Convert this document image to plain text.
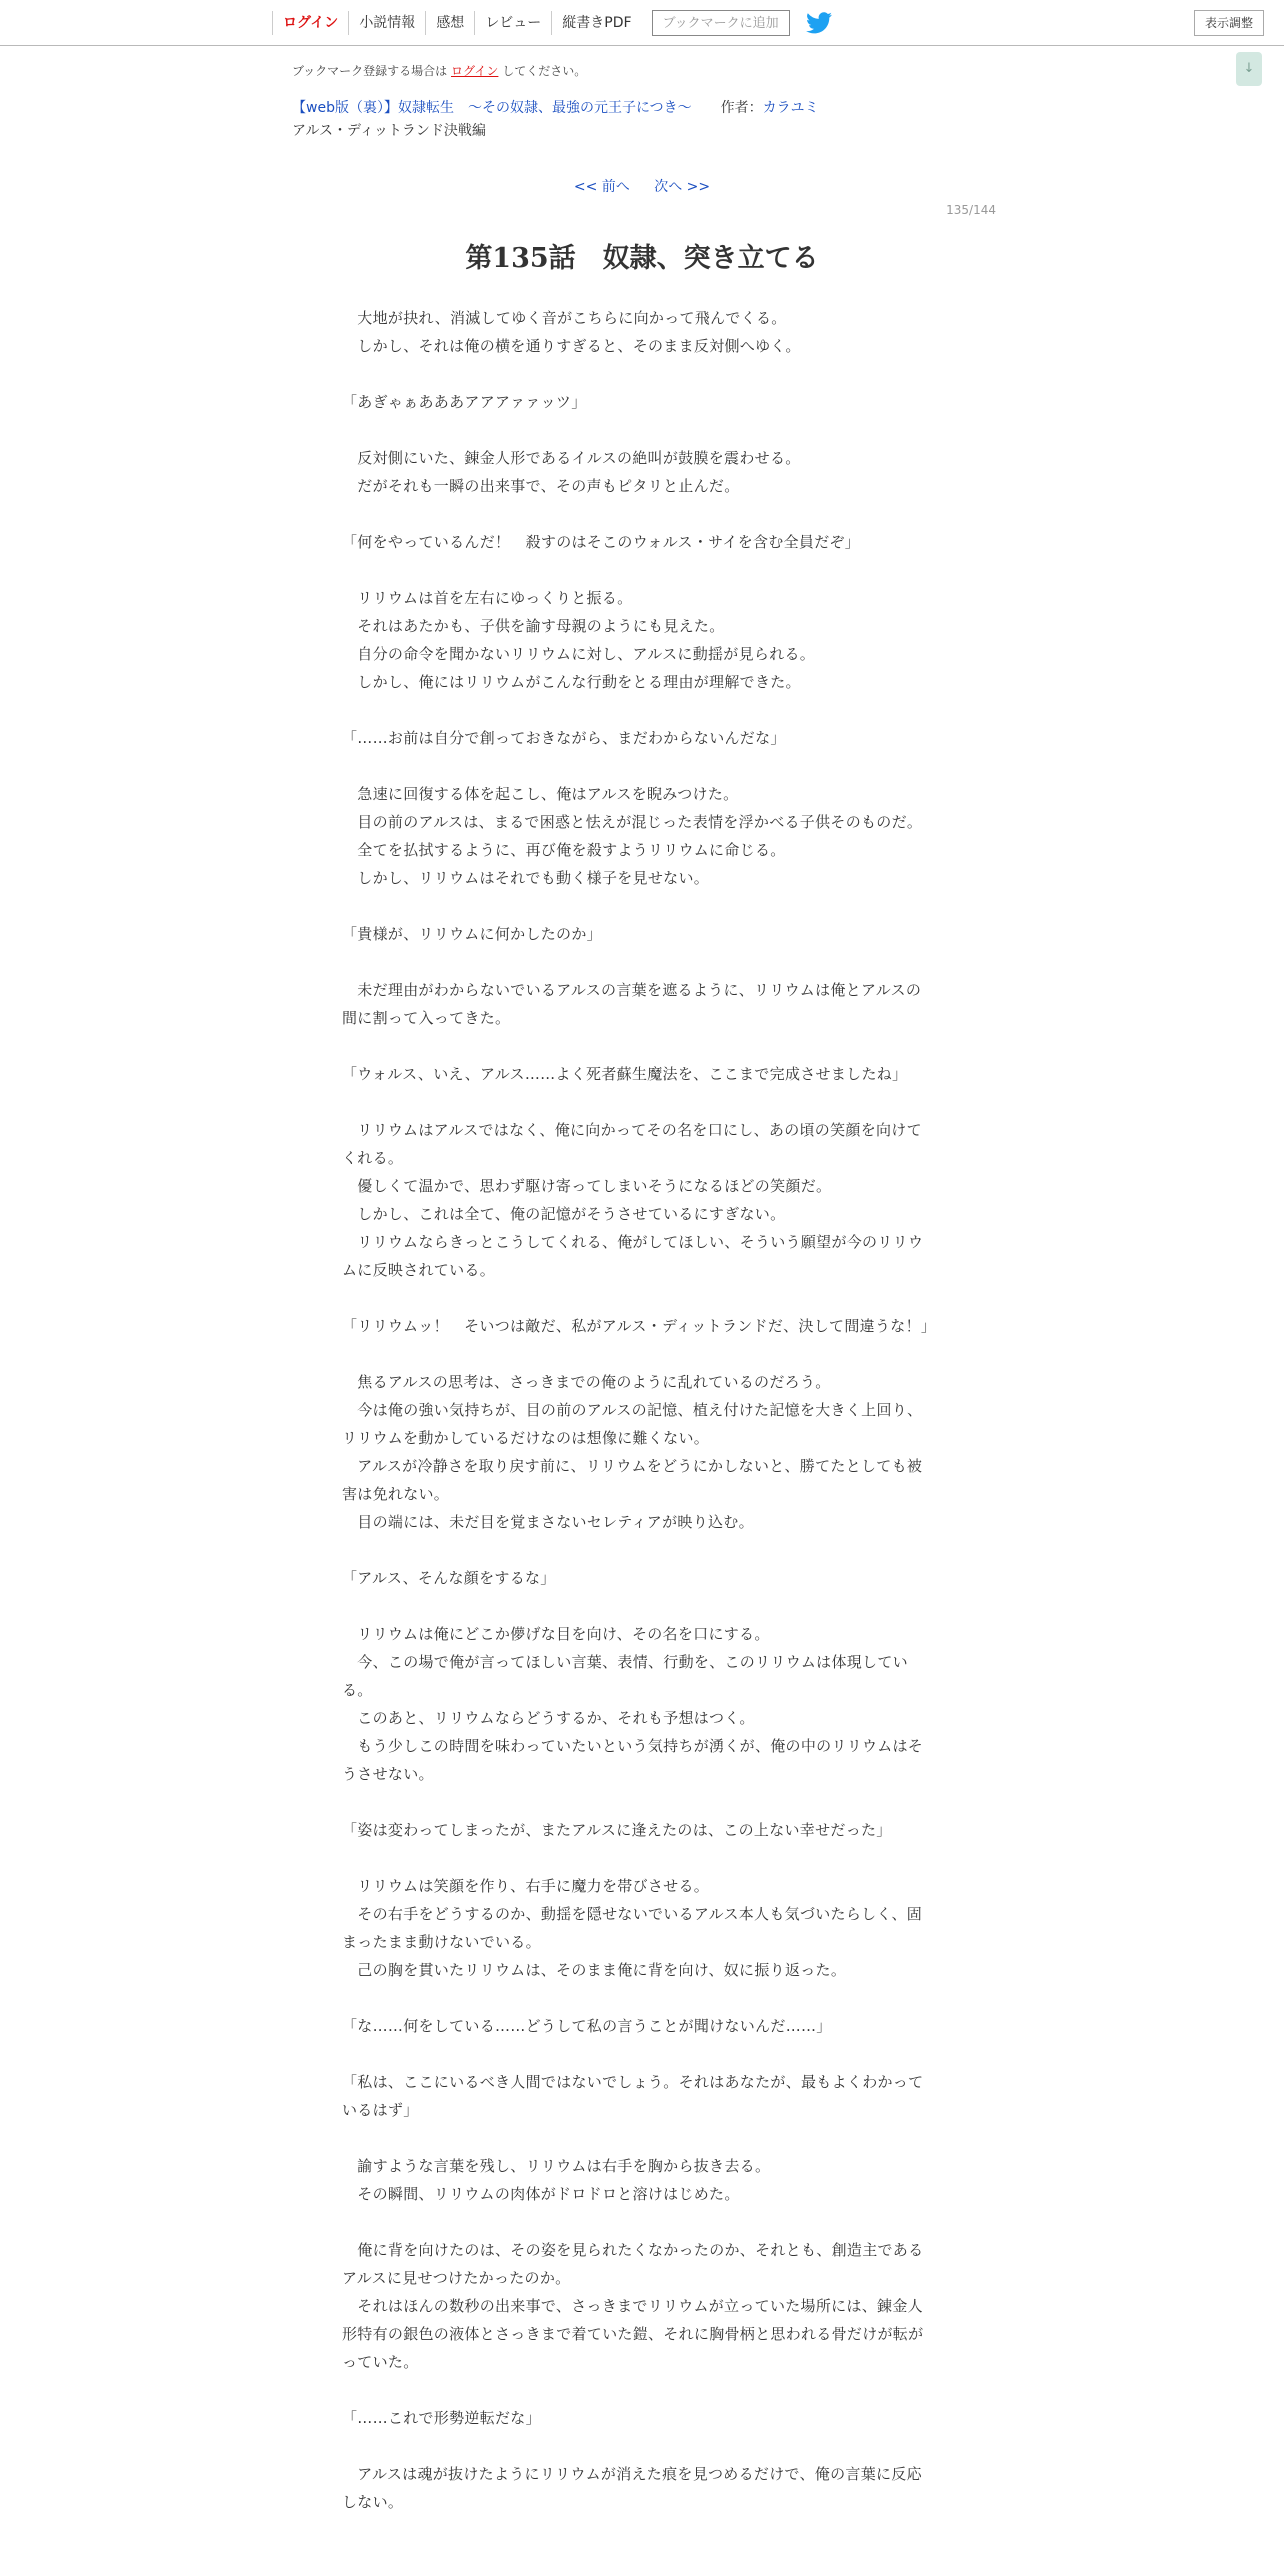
ログイン	小説情報	感想	レビュー	縦書きPDF	ブックマークに追加	表示調整
↓
ブックマーク登録する場合は ログイン してください。
【web版（裏）】奴隷転生　～その奴隷、最強の元王子につき～ 作者：カラユミ
アルス・ディットランド決戦編
<< 前へ 次へ >>
135/144
第135話　奴隷、突き立てる

　大地が抉れ、消滅してゆく音がこちらに向かって飛んでくる。

　しかし、それは俺の横を通りすぎると、そのまま反対側へゆく。

「あぎゃぁあああアアアァァッツ」

　反対側にいた、錬金人形であるイルスの絶叫が鼓膜を震わせる。

　だがそれも一瞬の出来事で、その声もピタリと止んだ。

「何をやっているんだ！　殺すのはそこのウォルス・サイを含む全員だぞ」

　リリウムは首を左右にゆっくりと振る。

　それはあたかも、子供を諭す母親のようにも見えた。

　自分の命令を聞かないリリウムに対し、アルスに動揺が見られる。

　しかし、俺にはリリウムがこんな行動をとる理由が理解できた。

「……お前は自分で創っておきながら、まだわからないんだな」

　急速に回復する体を起こし、俺はアルスを睨みつけた。

　目の前のアルスは、まるで困惑と怯えが混じった表情を浮かべる子供そのものだ。

　全てを払拭するように、再び俺を殺すようリリウムに命じる。

　しかし、リリウムはそれでも動く様子を見せない。

「貴様が、リリウムに何かしたのか」

　未だ理由がわからないでいるアルスの言葉を遮るように、リリウムは俺とアルスの間に割って入ってきた。

「ウォルス、いえ、アルス……よく死者蘇生魔法を、ここまで完成させましたね」

　リリウムはアルスではなく、俺に向かってその名を口にし、あの頃の笑顔を向けてくれる。

　優しくて温かで、思わず駆け寄ってしまいそうになるほどの笑顔だ。

　しかし、これは全て、俺の記憶がそうさせているにすぎない。

　リリウムならきっとこうしてくれる、俺がしてほしい、そういう願望が今のリリウムに反映されている。

「リリウムッ！　そいつは敵だ、私がアルス・ディットランドだ、決して間違うな！」

　焦るアルスの思考は、さっきまでの俺のように乱れているのだろう。

　今は俺の強い気持ちが、目の前のアルスの記憶、植え付けた記憶を大きく上回り、リリウムを動かしているだけなのは想像に難くない。

　アルスが冷静さを取り戻す前に、リリウムをどうにかしないと、勝てたとしても被害は免れない。

　目の端には、未だ目を覚まさないセレティアが映り込む。

「アルス、そんな顔をするな」

　リリウムは俺にどこか儚げな目を向け、その名を口にする。

　今、この場で俺が言ってほしい言葉、表情、行動を、このリリウムは体現している。

　このあと、リリウムならどうするか、それも予想はつく。

　もう少しこの時間を味わっていたいという気持ちが湧くが、俺の中のリリウムはそうさせない。

「姿は変わってしまったが、またアルスに逢えたのは、この上ない幸せだった」

　リリウムは笑顔を作り、右手に魔力を帯びさせる。

　その右手をどうするのか、動揺を隠せないでいるアルス本人も気づいたらしく、固まったまま動けないでいる。

　己の胸を貫いたリリウムは、そのまま俺に背を向け、奴に振り返った。

「な……何をしている……どうして私の言うことが聞けないんだ……」

「私は、ここにいるべき人間ではないでしょう。それはあなたが、最もよくわかっているはず」

　諭すような言葉を残し、リリウムは右手を胸から抜き去る。

　その瞬間、リリウムの肉体がドロドロと溶けはじめた。

　俺に背を向けたのは、その姿を見られたくなかったのか、それとも、創造主であるアルスに見せつけたかったのか。

　それはほんの数秒の出来事で、さっきまでリリウムが立っていた場所には、錬金人形特有の銀色の液体とさっきまで着ていた鎧、それに胸骨柄と思われる骨だけが転がっていた。

「……これで形勢逆転だな」

　アルスは魂が抜けたようにリリウムが消えた痕を見つめるだけで、俺の言葉に反応しない。
